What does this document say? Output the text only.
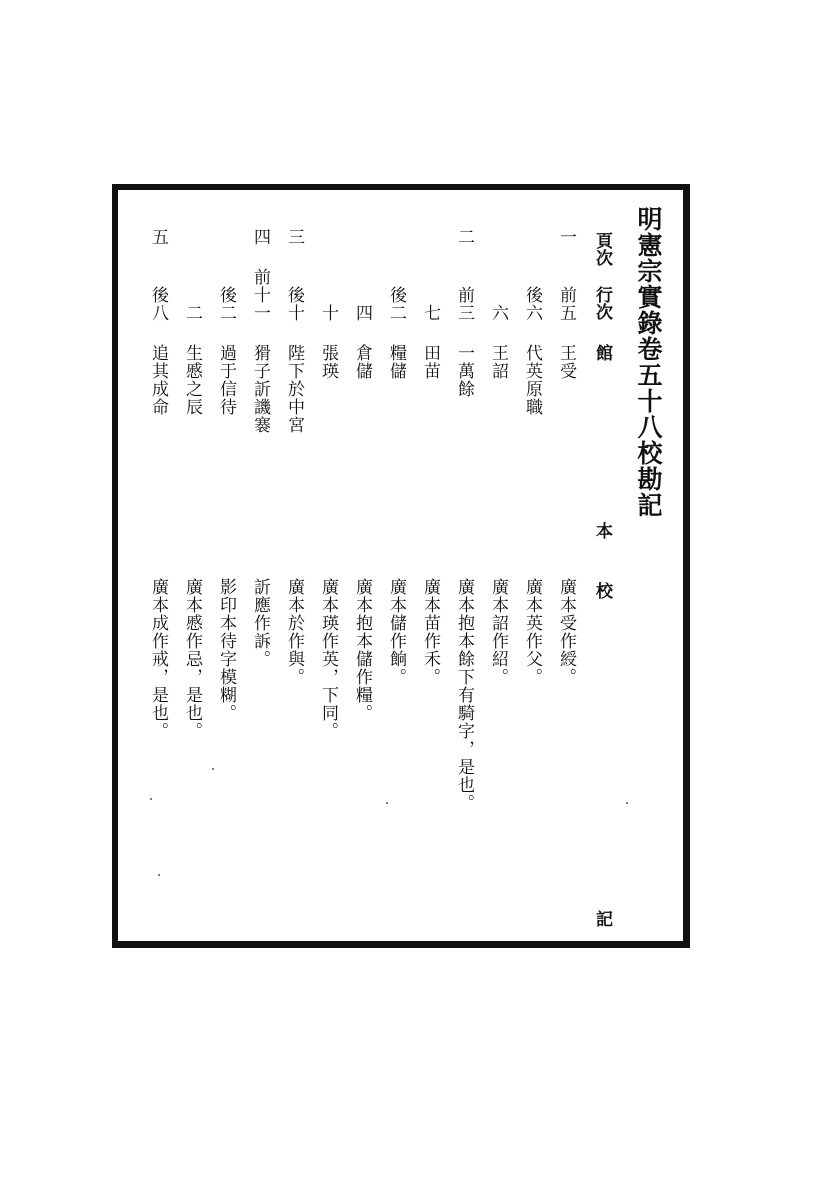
明憲宗實錄卷五十八校勘記
頁次
行次
館
本
校
記
一
前五
王受
廣本受作綬。
後六
代英原職
廣本英作父。
六
王詔
廣本詔作紹。
二
前三
一萬餘
廣本抱本餘下有騎字，是也。
七
田苗
廣本苗作禾。
後二
糧儲
廣本儲作餉。
四
倉儲
廣本抱本儲作糧。
十
張瑛
廣本瑛作英，下同。
三
後十
陛下於中宮
廣本於作與。
四
前十一
猾子訢譏褰
訢應作訴。
後二
過于信待
影印本待字模糊。
二
生慼之辰
廣本慼作忌，是也。
五
後八
追其成命
廣本成作戒，是也。
